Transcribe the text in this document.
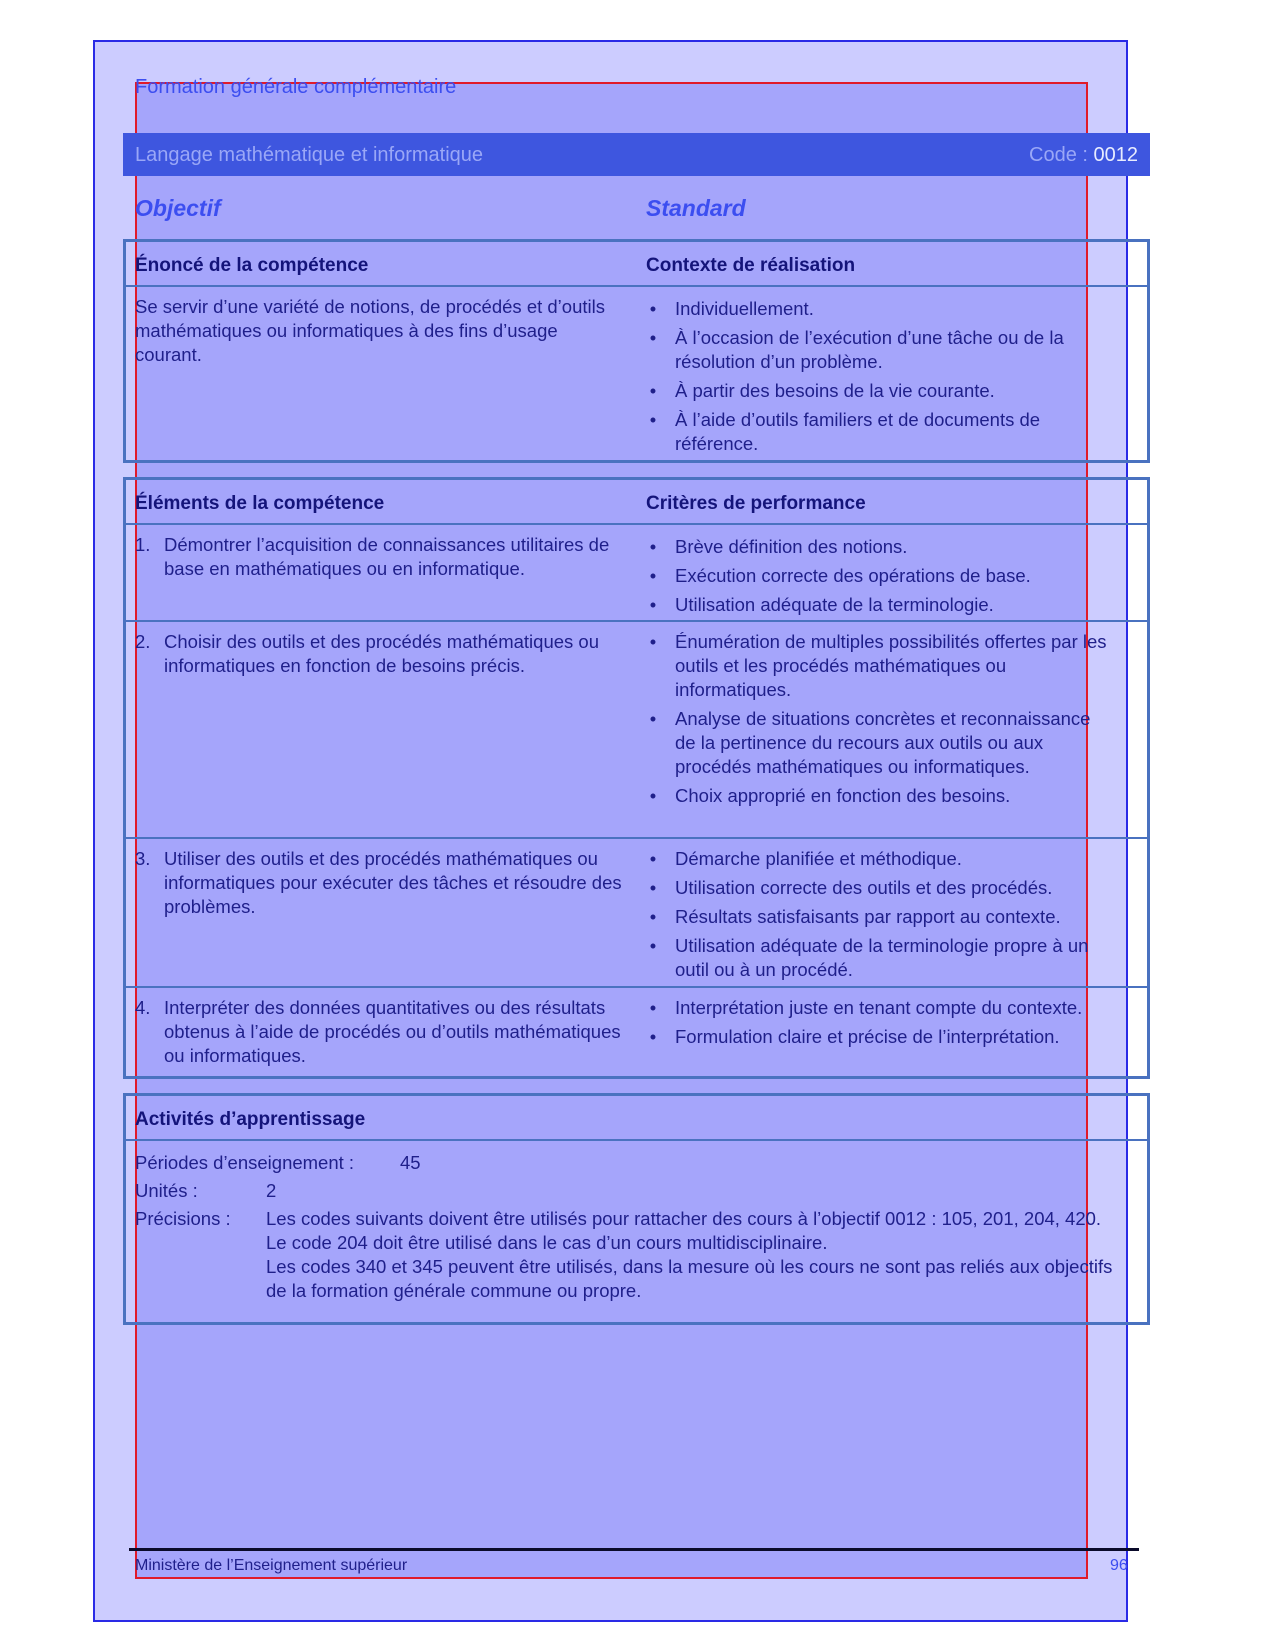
Formation générale complémentaire
Langage mathématique et informatique	Code : 0012
Objectif	Standard
Énoncé de la compétence	Contexte de réalisation
Se servir d’une variété de notions, de procédés et d’outils mathématiques ou informatiques à des fins d’usage courant.
• Individuellement.
• À l’occasion de l’exécution d’une tâche ou de la résolution d’un problème.
• À partir des besoins de la vie courante.
• À l’aide d’outils familiers et de documents de référence.
Éléments de la compétence	Critères de performance
1. Démontrer l’acquisition de connaissances utilitaires de base en mathématiques ou en informatique.
• Brève définition des notions.
• Exécution correcte des opérations de base.
• Utilisation adéquate de la terminologie.
2. Choisir des outils et des procédés mathématiques ou informatiques en fonction de besoins précis.
• Énumération de multiples possibilités offertes par les outils et les procédés mathématiques ou informatiques.
• Analyse de situations concrètes et reconnaissance de la pertinence du recours aux outils ou aux procédés mathématiques ou informatiques.
• Choix approprié en fonction des besoins.
3. Utiliser des outils et des procédés mathématiques ou informatiques pour exécuter des tâches et résoudre des problèmes.
• Démarche planifiée et méthodique.
• Utilisation correcte des outils et des procédés.
• Résultats satisfaisants par rapport au contexte.
• Utilisation adéquate de la terminologie propre à un outil ou à un procédé.
4. Interpréter des données quantitatives ou des résultats obtenus à l’aide de procédés ou d’outils mathématiques ou informatiques.
• Interprétation juste en tenant compte du contexte.
• Formulation claire et précise de l’interprétation.
Activités d’apprentissage
Périodes d’enseignement : 45
Unités :	2
Précisions : Les codes suivants doivent être utilisés pour rattacher des cours à l’objectif 0012 : 105, 201, 204, 420.
Le code 204 doit être utilisé dans le cas d’un cours multidisciplinaire.
Les codes 340 et 345 peuvent être utilisés, dans la mesure où les cours ne sont pas reliés aux objectifs de la formation générale commune ou propre.
Ministère de l’Enseignement supérieur	96
